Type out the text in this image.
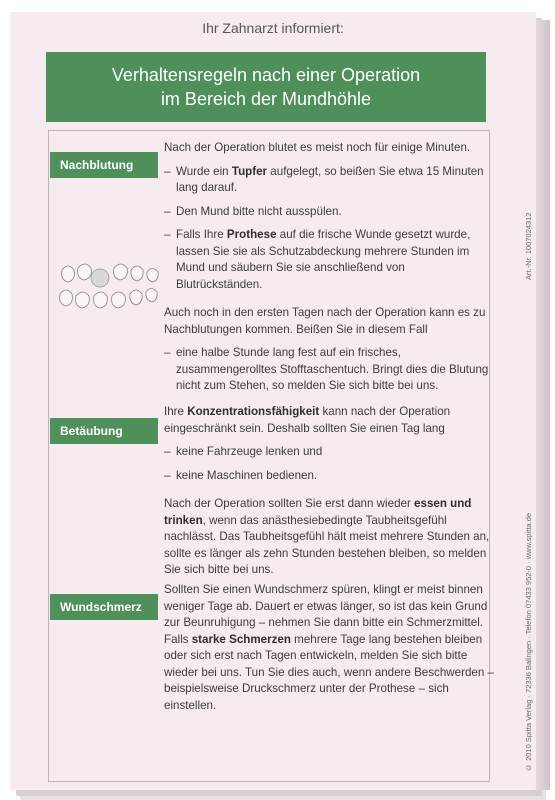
Ihr Zahnarzt informiert:
Verhaltensregeln nach einer Operation
im Bereich der Mundhöhle
Nachblutung

Nach der Operation blutet es meist noch für einige Minuten.

– Wurde ein Tupfer aufgelegt, so beißen Sie etwa 15 Minuten lang darauf.
– Den Mund bitte nicht ausspülen.
– Falls Ihre Prothese auf die frische Wunde gesetzt wurde, lassen Sie sie als Schutzabdeckung mehrere Stunden im Mund und säubern Sie sie anschließend von Blutrückständen.

Auch noch in den ersten Tagen nach der Operation kann es zu Nachblutungen kommen. Beißen Sie in diesem Fall

– eine halbe Stunde lang fest auf ein frisches, zusammengerolltes Stofftaschentuch. Bringt dies die Blutung nicht zum Stehen, so melden Sie sich bitte bei uns.
Betäubung

Ihre Konzentrationsfähigkeit kann nach der Operation eingeschränkt sein. Deshalb sollten Sie einen Tag lang

– keine Fahrzeuge lenken und
– keine Maschinen bedienen.

Nach der Operation sollten Sie erst dann wieder essen und trinken, wenn das anästhesiebedingte Taubheitsgefühl nachlässt. Das Taubheitsgefühl hält meist mehrere Stunden an, sollte es länger als zehn Stunden bestehen bleiben, so melden Sie sich bitte bei uns.

Wundschmerz

Sollten Sie einen Wundschmerz spüren, klingt er meist binnen weniger Tage ab. Dauert er etwas länger, so ist das kein Grund zur Beunruhigung – nehmen Sie dann bitte ein Schmerzmittel. Falls starke Schmerzen mehrere Tage lang bestehen bleiben oder sich erst nach Tagen entwickeln, melden Sie sich bitte wieder bei uns. Tun Sie dies auch, wenn andere Beschwerden – beispielsweise Druckschmerz unter der Prothese – sich einstellen.	© 2010 Spitta Verlag · 72336 Balingen · Telefon 07433 952-0 · www.spitta.de
Art.-Nr. 1007024312
